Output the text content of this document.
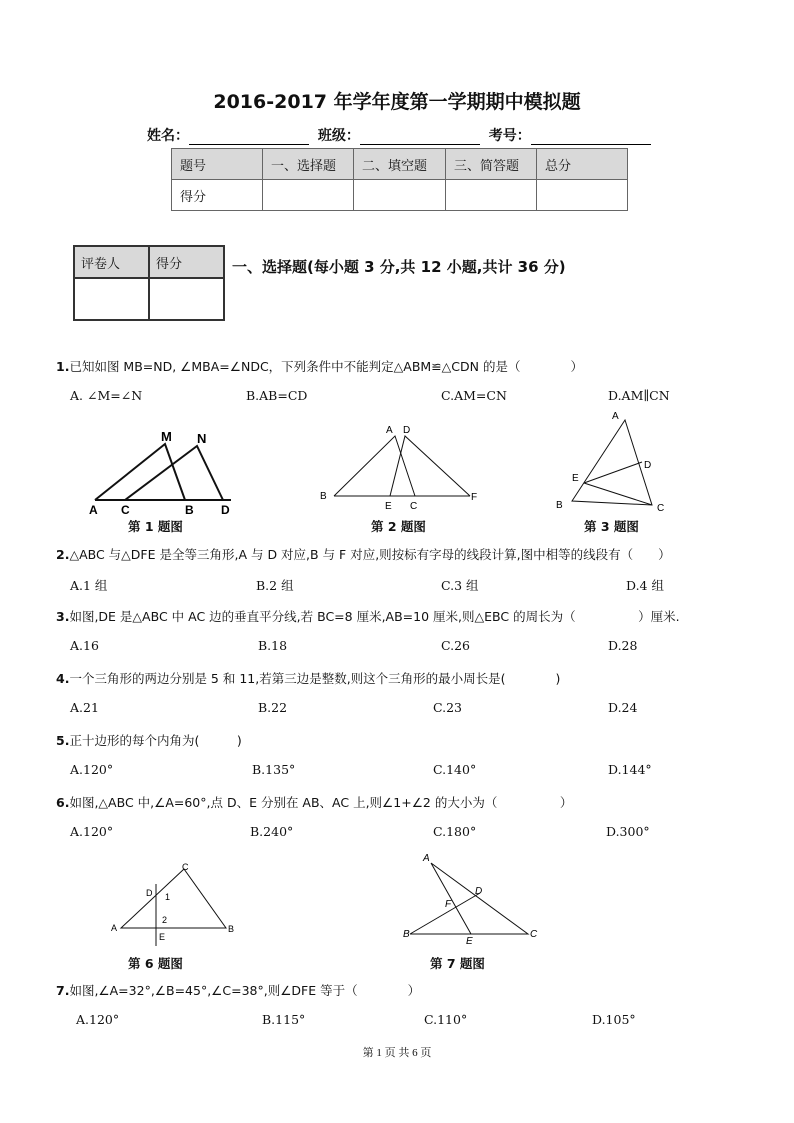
2016-2017 年学年度第一学期期中模拟题
姓名：	班级：	考号：
题号	一、选择题	二、填空题	三、简答题	总分
得分				
评卷人	得分
		一、选择题(每小题 3 分,共 12 小题,共计 36 分)
1.已知如图 MB=ND, ∠MBA=∠NDC，下列条件中不能判定△ABM≌△CDN 的是（　　　　）
A. ∠M=∠N	B.AB=CD	C.AM=CN	D.AM∥CN
M N
A C	B D
第 1 题图
A D
B
E C
F
第 2 题图
A
D
E
B	C
第 3 题图
2.△ABC 与△DFE 是全等三角形,A 与 D 对应,B 与 F 对应,则按标有字母的线段计算,图中相等的线段有（　　）
A.1 组	B.2 组	C.3 组	D.4 组
3.如图,DE 是△ABC 中 AC 边的垂直平分线,若 BC=8 厘米,AB=10 厘米,则△EBC 的周长为（　　　　　）厘米.
A.16	B.18	C.26	D.28
4.一个三角形的两边分别是 5 和 11,若第三边是整数,则这个三角形的最小周长是(　　　　)
A.21	B.22	C.23	D.24
5.正十边形的每个内角为(　　　)
A.120°	B.135°	C.140°	D.144°
6.如图,△ABC 中,∠A=60°,点 D、E 分别在 AB、AC 上,则∠1+∠2 的大小为（　　　　　）
A.120°	B.240°	C.180°	D.300°
C
D 1
2
A
E
B
第 6 题图
A
D
F
B
E
C
第 7 题图
7.如图,∠A=32°,∠B=45°,∠C=38°,则∠DFE 等于（　　　　）
A.120°	B.115°	C.110°	D.105°
第 1 页 共 6 页
